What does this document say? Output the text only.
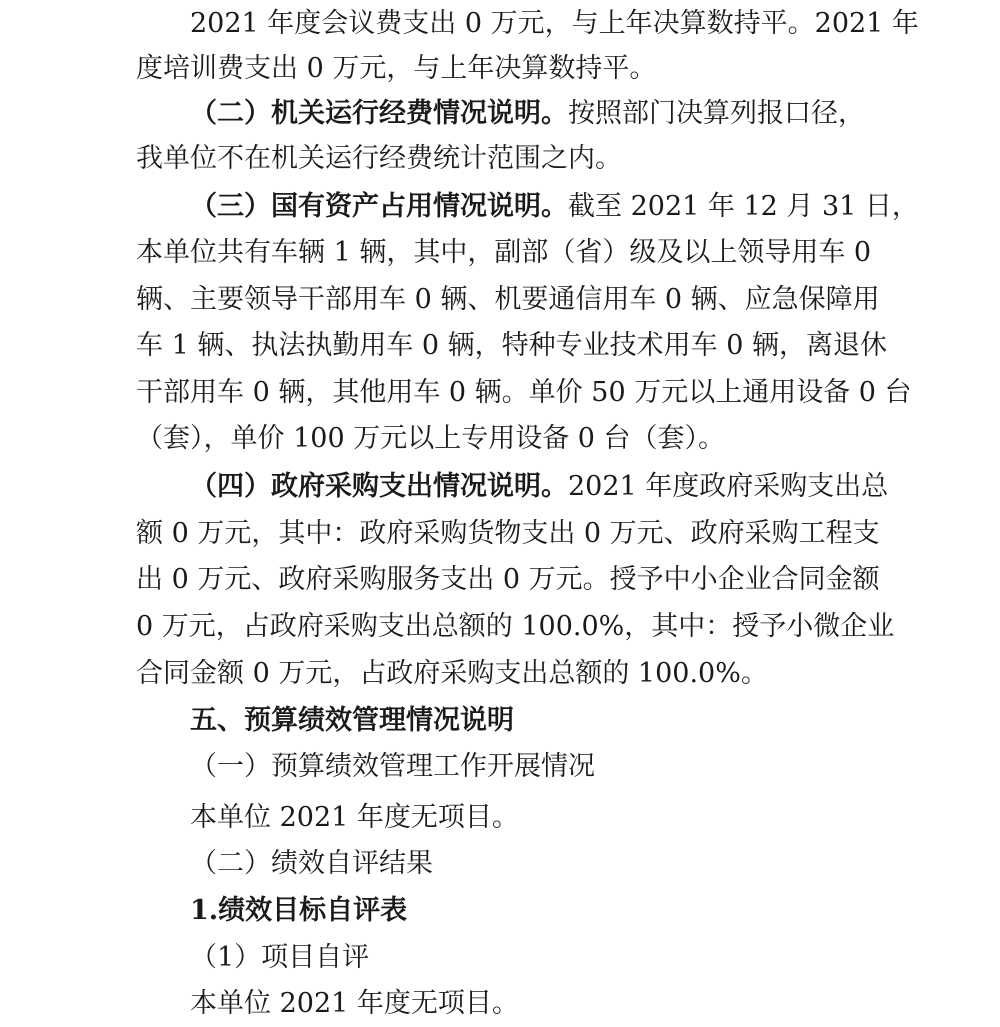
2021 年度会议费支出 0 万元，与上年决算数持平。2021 年
度培训费支出 0 万元，与上年决算数持平。
（二）机关运行经费情况说明。按照部门决算列报口径，
我单位不在机关运行经费统计范围之内。
（三）国有资产占用情况说明。截至 2021 年 12 月 31 日，
本单位共有车辆 1 辆，其中，副部（省）级及以上领导用车 0
辆、主要领导干部用车 0 辆、机要通信用车 0 辆、应急保障用
车 1 辆、执法执勤用车 0 辆，特种专业技术用车 0 辆，离退休
干部用车 0 辆，其他用车 0 辆。单价 50 万元以上通用设备 0 台
（套），单价 100 万元以上专用设备 0 台（套）。
（四）政府采购支出情况说明。2021 年度政府采购支出总
额 0 万元，其中：政府采购货物支出 0 万元、政府采购工程支
出 0 万元、政府采购服务支出 0 万元。授予中小企业合同金额
0 万元，占政府采购支出总额的 100.0%，其中：授予小微企业
合同金额 0 万元，占政府采购支出总额的 100.0%。
五、预算绩效管理情况说明
（一）预算绩效管理工作开展情况
本单位 2021 年度无项目。
（二）绩效自评结果
1.绩效目标自评表
（1）项目自评
本单位 2021 年度无项目。
